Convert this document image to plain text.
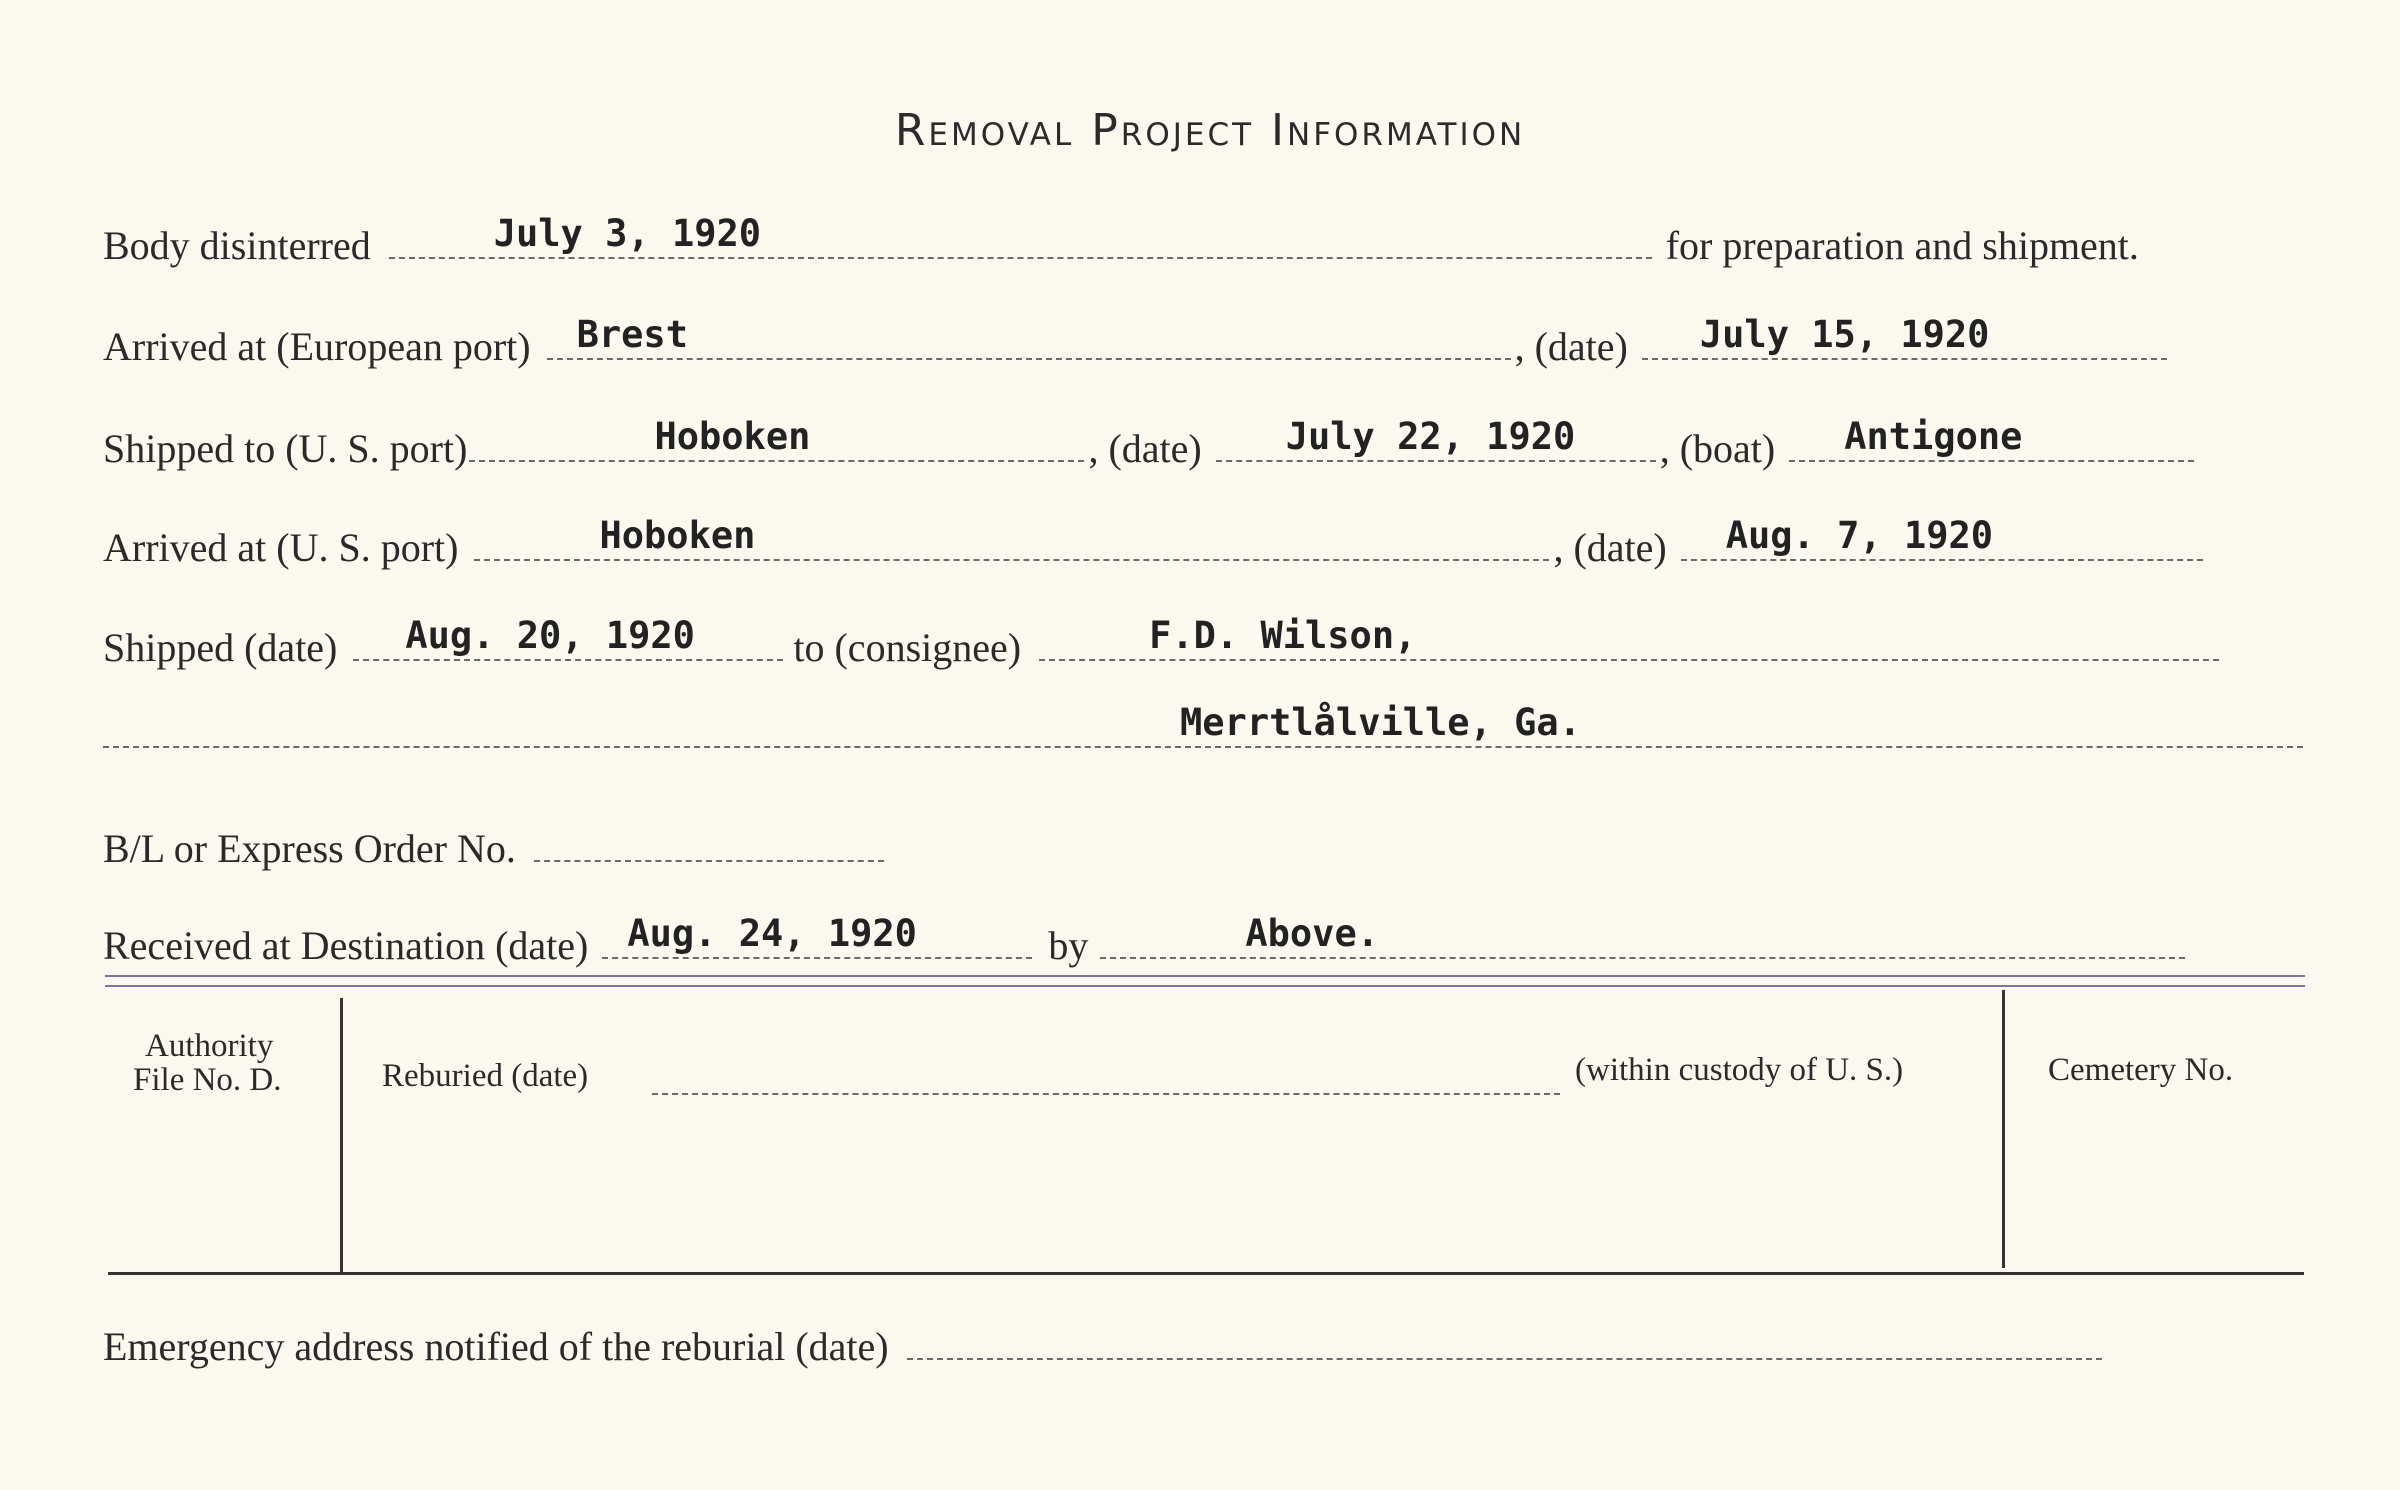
Removal Project Information
Body disinterred	July 3, 1920	for preparation and shipment.
Arrived at (European port) Brest	, (date) July 15, 1920
Shipped to (U. S. port)	Hoboken	, (date) July 22, 1920 , (boat) Antigone
Arrived at (U. S. port)	Hoboken	, (date) Aug. 7, 1920
Shipped (date) Aug. 20, 1920 to (consignee)	F.D. Wilson,
Merrtlålville, Ga.
B/L or Express Order No.
Received at Destination (date) Aug. 24, 1920	by	Above.
Authority
File No. D.	Reburied (date)	(within custody of U. S.)	Cemetery No.
Emergency address notified of the reburial (date)
